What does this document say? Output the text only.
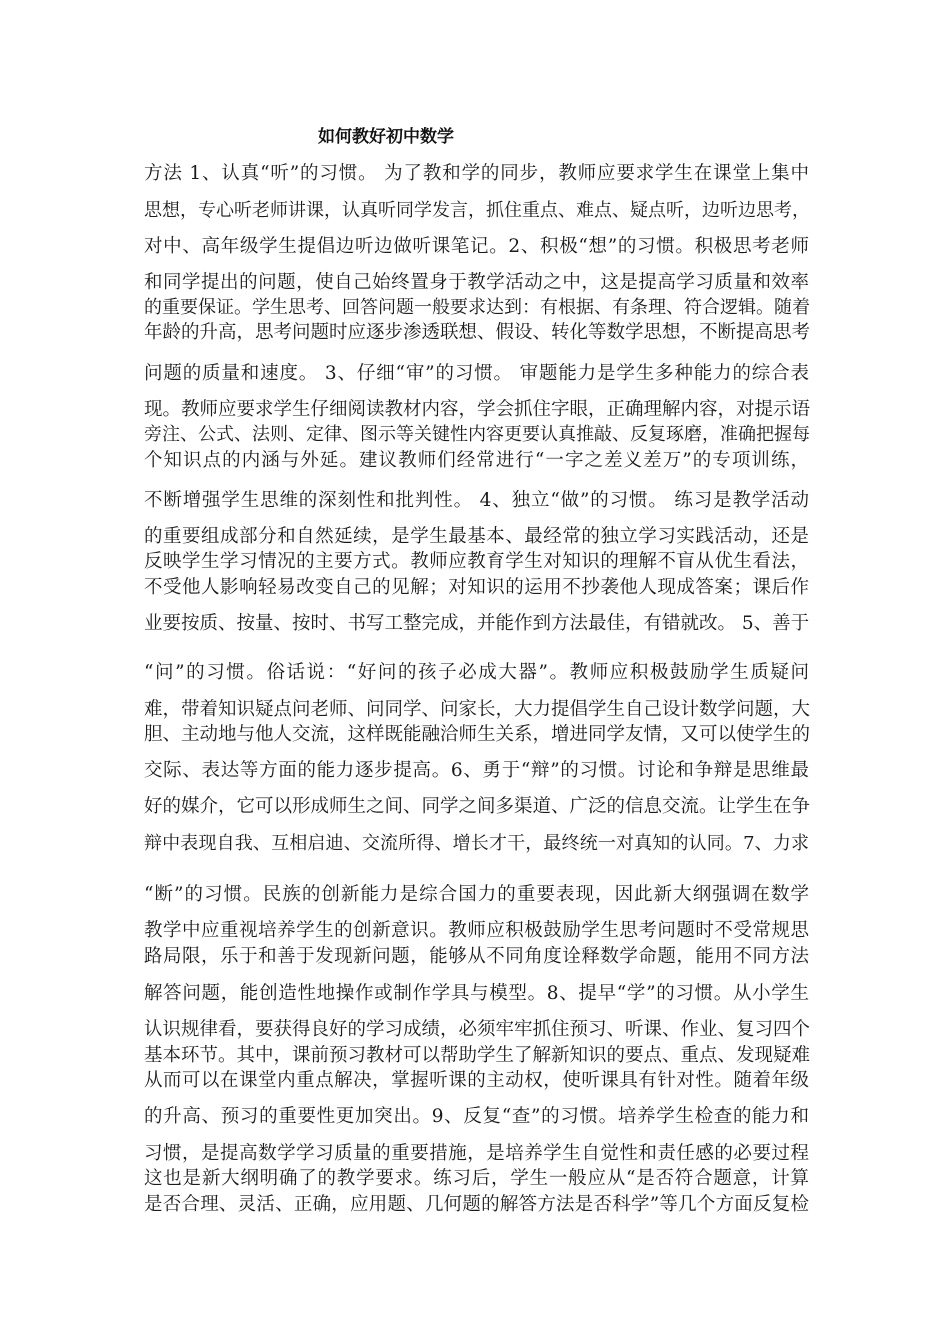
如何教好初中数学

方法 1、认真“听”的习惯。 为了教和学的同步，教师应要求学生在课堂上集中

思想，专心听老师讲课，认真听同学发言，抓住重点、难点、疑点听，边听边思考，

对中、高年级学生提倡边听边做听课笔记。2、积极“想”的习惯。积极思考老师

和同学提出的问题，使自己始终置身于教学活动之中，这是提高学习质量和效率

的重要保证。学生思考、回答问题一般要求达到：有根据、有条理、符合逻辑。随着

年龄的升高，思考问题时应逐步渗透联想、假设、转化等数学思想，不断提高思考

问题的质量和速度。 3、仔细“审”的习惯。 审题能力是学生多种能力的综合表

现。教师应要求学生仔细阅读教材内容，学会抓住字眼，正确理解内容，对提示语

旁注、公式、法则、定律、图示等关键性内容更要认真推敲、反复琢磨，准确把握每

个知识点的内涵与外延。建议教师们经常进行“一字之差义差万”的专项训练，

不断增强学生思维的深刻性和批判性。 4、独立“做”的习惯。 练习是教学活动

的重要组成部分和自然延续，是学生最基本、最经常的独立学习实践活动，还是

反映学生学习情况的主要方式。教师应教育学生对知识的理解不盲从优生看法，

不受他人影响轻易改变自己的见解；对知识的运用不抄袭他人现成答案；课后作

业要按质、按量、按时、书写工整完成，并能作到方法最佳，有错就改。 5、善于

“问”的习惯。俗话说：“好问的孩子必成大器”。教师应积极鼓励学生质疑问

难，带着知识疑点问老师、问同学、问家长，大力提倡学生自己设计数学问题，大

胆、主动地与他人交流，这样既能融洽师生关系，增进同学友情，又可以使学生的

交际、表达等方面的能力逐步提高。6、勇于“辩”的习惯。讨论和争辩是思维最

好的媒介，它可以形成师生之间、同学之间多渠道、广泛的信息交流。让学生在争

辩中表现自我、互相启迪、交流所得、增长才干，最终统一对真知的认同。7、力求

“断”的习惯。民族的创新能力是综合国力的重要表现，因此新大纲强调在数学

教学中应重视培养学生的创新意识。教师应积极鼓励学生思考问题时不受常规思

路局限，乐于和善于发现新问题，能够从不同角度诠释数学命题，能用不同方法

解答问题，能创造性地操作或制作学具与模型。8、提早“学”的习惯。从小学生

认识规律看，要获得良好的学习成绩，必须牢牢抓住预习、听课、作业、复习四个

基本环节。其中，课前预习教材可以帮助学生了解新知识的要点、重点、发现疑难

从而可以在课堂内重点解决，掌握听课的主动权，使听课具有针对性。随着年级

的升高、预习的重要性更加突出。9、反复“查”的习惯。培养学生检查的能力和

习惯，是提高数学学习质量的重要措施，是培养学生自觉性和责任感的必要过程

这也是新大纲明确了的教学要求。练习后，学生一般应从“是否符合题意，计算

是否合理、灵活、正确，应用题、几何题的解答方法是否科学”等几个方面反复检
